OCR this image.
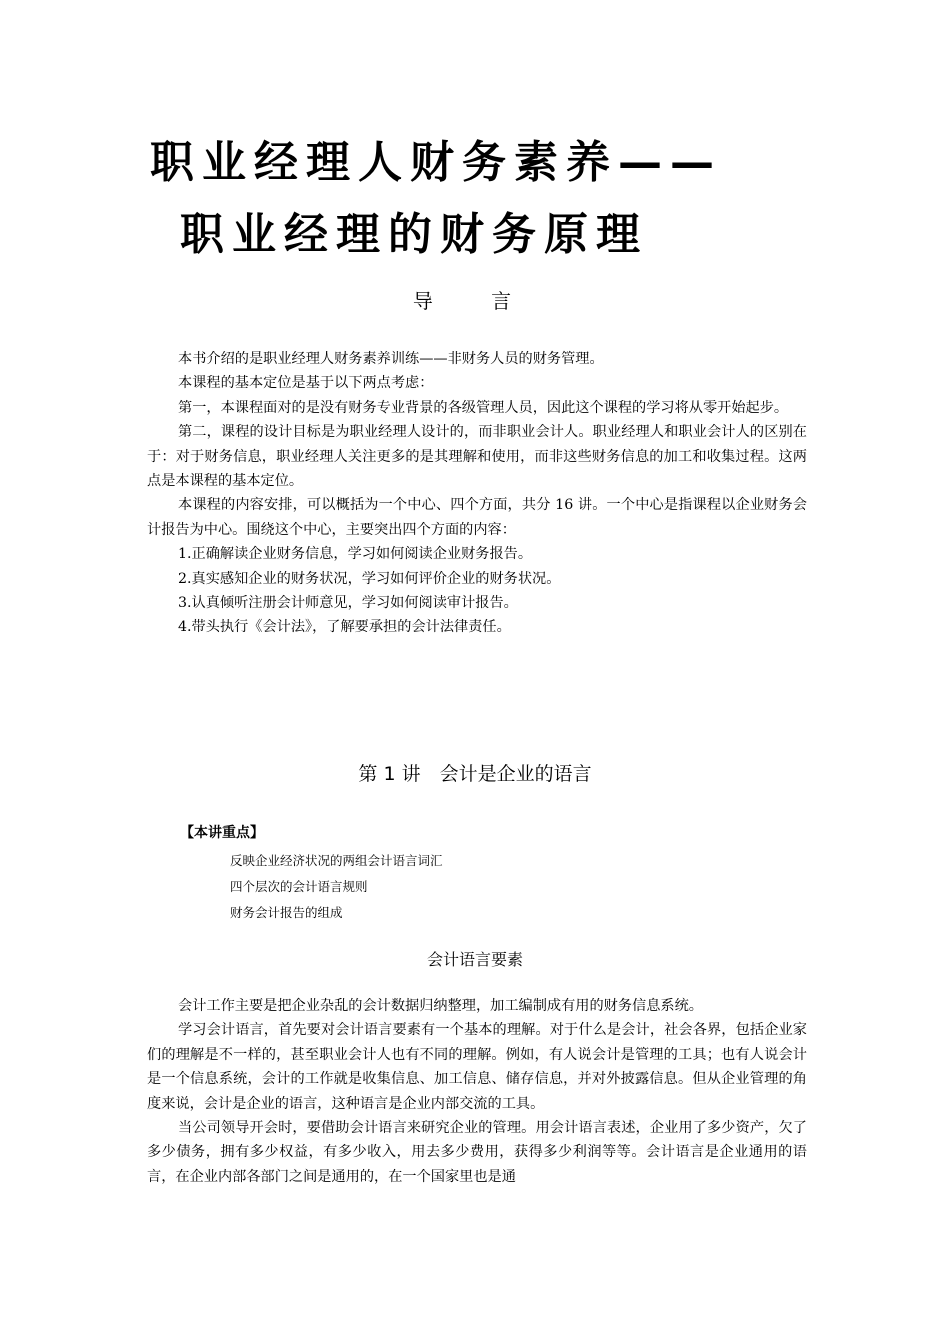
职业经理人财务素养——
职业经理的财务原理
导 言

本书介绍的是职业经理人财务素养训练——非财务人员的财务管理。

本课程的基本定位是基于以下两点考虑：

第一，本课程面对的是没有财务专业背景的各级管理人员，因此这个课程的学习将从零开始起步。

第二，课程的设计目标是为职业经理人设计的，而非职业会计人。职业经理人和职业会计人的区别在于：对于财务信息，职业经理人关注更多的是其理解和使用，而非这些财务信息的加工和收集过程。这两点是本课程的基本定位。

本课程的内容安排，可以概括为一个中心、四个方面，共分 16 讲。一个中心是指课程以企业财务会计报告为中心。围绕这个中心，主要突出四个方面的内容：

1.正确解读企业财务信息，学习如何阅读企业财务报告。

2.真实感知企业的财务状况，学习如何评价企业的财务状况。

3.认真倾听注册会计师意见，学习如何阅读审计报告。

4.带头执行《会计法》，了解要承担的会计法律责任。

第 1 讲　会计是企业的语言
【本讲重点】
反映企业经济状况的两组会计语言词汇
四个层次的会计语言规则
财务会计报告的组成
会计语言要素

会计工作主要是把企业杂乱的会计数据归纳整理，加工编制成有用的财务信息系统。

学习会计语言，首先要对会计语言要素有一个基本的理解。对于什么是会计，社会各界，包括企业家们的理解是不一样的，甚至职业会计人也有不同的理解。例如，有人说会计是管理的工具；也有人说会计是一个信息系统，会计的工作就是收集信息、加工信息、储存信息，并对外披露信息。但从企业管理的角度来说，会计是企业的语言，这种语言是企业内部交流的工具。

当公司领导开会时，要借助会计语言来研究企业的管理。用会计语言表述，企业用了多少资产，欠了多少债务，拥有多少权益，有多少收入，用去多少费用，获得多少利润等等。会计语言是企业通用的语言，在企业内部各部门之间是通用的，在一个国家里也是通
